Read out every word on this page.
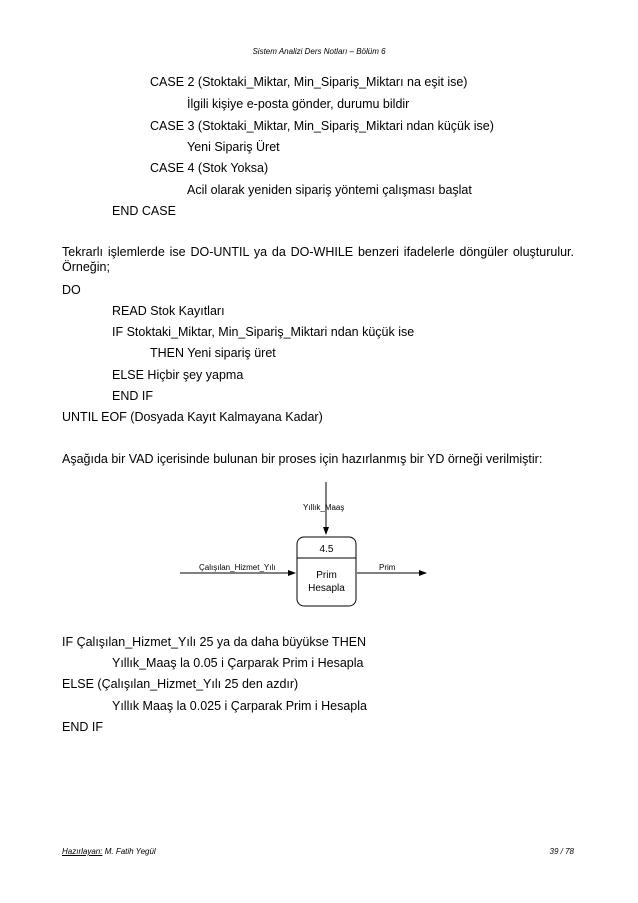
Sistem Analizi Ders Notları – Bölüm 6
CASE 2 (Stoktaki_Miktar, Min_Sipariş_Miktarı na eşit ise)
İlgili kişiye e-posta gönder, durumu bildir
CASE 3 (Stoktaki_Miktar, Min_Sipariş_Miktari ndan küçük ise)
Yeni Sipariş Üret
CASE 4 (Stok Yoksa)
Acil olarak yeniden sipariş yöntemi çalışması başlat
END CASE
Tekrarlı işlemlerde ise DO-UNTIL ya da DO-WHILE benzeri ifadelerle döngüler oluşturulur. Örneğin;
DO
READ Stok Kayıtları
IF Stoktaki_Miktar, Min_Sipariş_Miktari ndan küçük ise
THEN Yeni sipariş üret
ELSE Hiçbir şey yapma
END IF
UNTIL EOF (Dosyada Kayıt Kalmayana Kadar)
Aşağıda bir VAD içerisinde bulunan bir proses için hazırlanmış bir YD örneği verilmiştir:
Yıllık_Maaş
Çalışılan_Hizmet_Yılı	Prim
4.5
Prim
Hesapla
IF Çalışılan_Hizmet_Yılı 25 ya da daha büyükse THEN
Yıllık_Maaş la 0.05 i Çarparak Prim i Hesapla
ELSE (Çalışılan_Hizmet_Yılı 25 den azdır)
Yıllık Maaş la 0.025 i Çarparak Prim i Hesapla
END IF
Hazırlayan: M. Fatih Yegül	39 / 78
